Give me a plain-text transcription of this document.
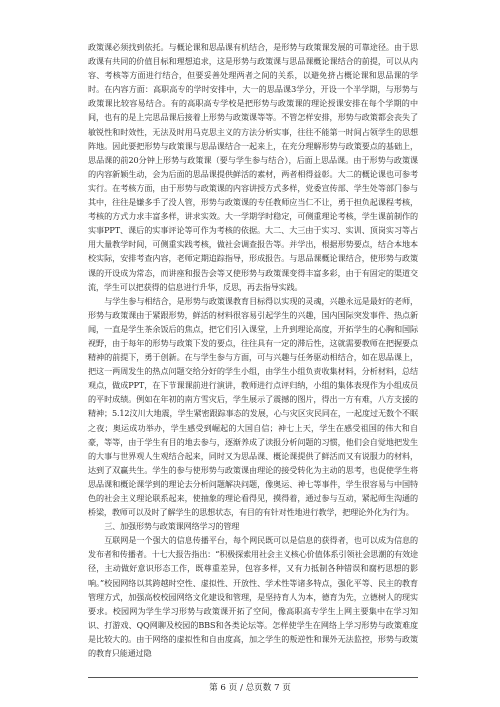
政策课必须找到依托。与概论课和思品课有机结合，是形势与政策课发展的可靠途径。由于思政课有共同的价值目标和理想追求，这是形势与政策课与思品课概论课结合的前提，可以从内容、考核等方面进行结合，但要妥善处理两者之间的关系，以避免挤占概论课和思品课的学时。在内容方面：高职高专的学时安排中，大一的思品课3学分，开设一个半学期，与形势与政策课比较容易结合。有的高职高专学校是把形势与政策课的理论授课安排在每个学期的中间，也有的是上完思品课后接着上形势与政策课等等。不管怎样安排，形势与政策都会丧失了敏锐性和时效性，无法及时用马克思主义的方法分析实事，往往不能第一时间占领学生的思想阵地。因此要把形势与政策课与思品课结合一起来上，在充分理解形势与政策要点的基础上，思品课的前20分钟上形势与政策课（要与学生参与结合），后面上思品课。由于形势与政策课的内容新颖生动，会为后面的思品课提供鲜活的素材，两者相得益彰。大二的概论课也可参考实行。在考核方面，由于形势与政策课的内容讲授方式多样，党委宣传部、学生处等部门参与其中，往往是嫌多手了没人管，形势与政策课的专任教师应当仁不让，勇于担负起课程考核，考核的方式力求丰富多样，讲求实效。大一学期学时稳定，可侧重理论考核，学生课前制作的实事PPT、课后的实事评论等可作为考核的依据。大二、大三由于实习、实训、顶岗实习等占用大量教学时间，可侧重实践考核，做社会调查报告等。并学出，根据形势要点，结合本地本校实际，安排考查内容，老师定期追踪指导，形成报告。与思品课概论课结合，使形势与政策课的开设成为常态，而讲座和报告会等又使形势与政策课变得丰富多彩，由于有固定的渠道交流，学生可以把获得的信息进行升华，反思，再去指导实践。

与学生参与相结合，是形势与政策课教育目标得以实现的灵魂，兴趣永远是最好的老师，形势与政策课由于紧跟形势，鲜活的材料很容易引起学生的兴趣，国内国际突发事件、热点新闻，一直是学生茶余饭后的焦点，把它们引入课堂，上升到理论高度，开拓学生的心胸和国际视野，由于每年的形势与政策下发的要点，往往具有一定的滞后性，这就需要教师在把握要点精神的前提下，勇于创新。在与学生参与方面，可与兴趣与任务驱动相结合，如在思品课上，把这一两周发生的热点问题交给分好的学生小组，由学生小组负责收集材料，分析材料，总结观点，做成PPT，在下节课课前进行演讲，教师进行点评归纳，小组的集体表现作为小组成员的平时成绩。例如在年初的南方雪灾后，学生展示了震撼的图片，得出一方有难，八方支援的精神；5.12汶川大地震，学生紧密跟踪事态的发展，心与灾区灾民同在，一起度过无数个不眠之夜；奥运成功举办，学生感受到崛起的大国自信；神七上天，学生在感受祖国的伟大和自豪，等等，由于学生有目的地去参与，逐渐养成了读报分析问题的习惯，他们会自觉地把发生的大事与世界观人生观结合起来，同时又为思品课、概论课提供了鲜活而又有说服力的材料，达到了双赢共生。学生的参与使形势与政策课由理论的接受转化为主动的思考，也促使学生将思品课和概论课学到的理论去分析问题解决问题，像奥运、神七等事件，学生很容易与中国特色的社会主义理论联系起来，使抽象的理论看得见，摸得着，通过参与互动，紧起师生沟通的桥梁，教师可以及时了解学生的思想状态，有目的有针对性地进行教学，把理论外化为行为。

三、加强形势与政策课网络学习的管理

互联网是一个强大的信息传播平台，每个网民既可以是信息的获得者，也可以成为信息的发布者和传播者。十七大报告指出：“积极探索用社会主义核心价值体系引领社会思潮的有效途径，主动做好意识形态工作，既尊重差异，包容多样，又有力抵制各种错误和腐朽思想的影响。”校园网络以其跨越时空性、虚拟性、开放性、学术性等诸多特点，强化平等、民主的教育管理方式，加强高校校园网络文化建设和管理，是坚持育人为本，德育为先，立德树人的现实要求。校园网为学生学习形势与政策课开拓了空间，像高职高专学生上网主要集中在学习知识、打游戏、QQ网聊及校园的BBS和各类论坛等。怎样使学生在网络上学习形势与政策难度是比较大的。由于网络的虚拟性和自由度高，加之学生的叛逆性和课外无法监控，形势与政策的教育只能通过隐

第 6 页 / 总页数 7 页
